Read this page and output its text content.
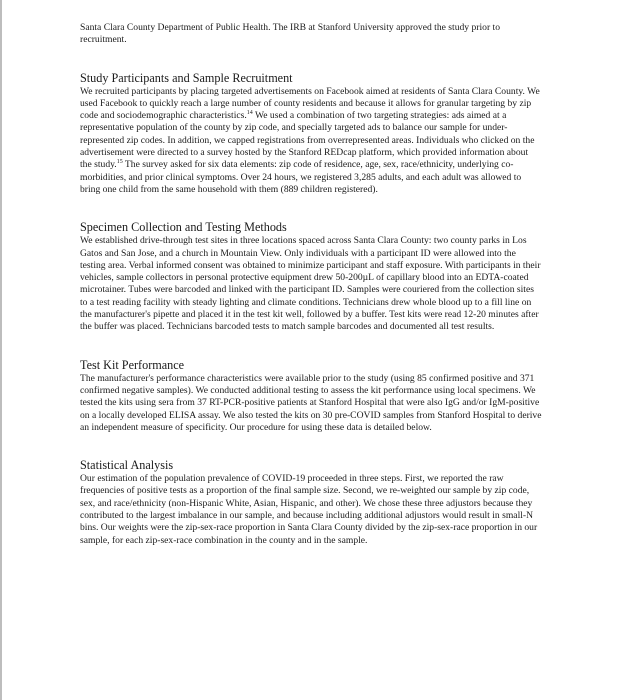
Santa Clara County Department of Public Health. The IRB at Stanford University approved the study prior to recruitment.

Study Participants and Sample Recruitment

We recruited participants by placing targeted advertisements on Facebook aimed at residents of Santa Clara County. We used Facebook to quickly reach a large number of county residents and because it allows for granular targeting by zip code and sociodemographic characteristics.$^{14}$ We used a combination of two targeting strategies: ads aimed at a representative population of the county by zip code, and specially targeted ads to balance our sample for under-represented zip codes. In addition, we capped registrations from overrepresented areas. Individuals who clicked on the advertisement were directed to a survey hosted by the Stanford REDcap platform, which provided information about the study.$^{15}$ The survey asked for six data elements: zip code of residence, age, sex, race/ethnicity, underlying co-morbidities, and prior clinical symptoms. Over 24 hours, we registered 3,285 adults, and each adult was allowed to bring one child from the same household with them (889 children registered).

Specimen Collection and Testing Methods

We established drive-through test sites in three locations spaced across Santa Clara County: two county parks in Los Gatos and San Jose, and a church in Mountain View. Only individuals with a participant ID were allowed into the testing area. Verbal informed consent was obtained to minimize participant and staff exposure. With participants in their vehicles, sample collectors in personal protective equipment drew 50-200µL of capillary blood into an EDTA-coated microtainer. Tubes were barcoded and linked with the participant ID. Samples were couriered from the collection sites to a test reading facility with steady lighting and climate conditions. Technicians drew whole blood up to a fill line on the manufacturer's pipette and placed it in the test kit well, followed by a buffer. Test kits were read 12-20 minutes after the buffer was placed. Technicians barcoded tests to match sample barcodes and documented all test results.

Test Kit Performance

The manufacturer's performance characteristics were available prior to the study (using 85 confirmed positive and 371 confirmed negative samples). We conducted additional testing to assess the kit performance using local specimens. We tested the kits using sera from 37 RT-PCR-positive patients at Stanford Hospital that were also IgG and/or IgM-positive on a locally developed ELISA assay. We also tested the kits on 30 pre-COVID samples from Stanford Hospital to derive an independent measure of specificity. Our procedure for using these data is detailed below.

Statistical Analysis

Our estimation of the population prevalence of COVID-19 proceeded in three steps. First, we reported the raw frequencies of positive tests as a proportion of the final sample size. Second, we re-weighted our sample by zip code, sex, and race/ethnicity (non-Hispanic White, Asian, Hispanic, and other). We chose these three adjustors because they contributed to the largest imbalance in our sample, and because including additional adjustors would result in small-N bins. Our weights were the zip-sex-race proportion in Santa Clara County divided by the zip-sex-race proportion in our sample, for each zip-sex-race combination in the county and in the sample.
